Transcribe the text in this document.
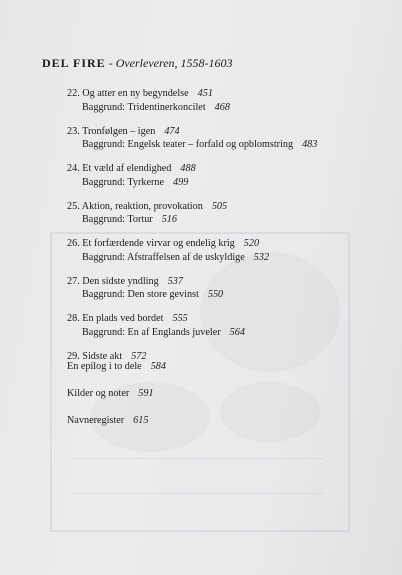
DEL FIRE - Overleveren, 1558-1603
22. Og atter en ny begyndelse 451
Baggrund: Tridentinerkoncilet 468
23. Tronfølgen – igen 474
Baggrund: Engelsk teater – forfald og opblomstring 483
24. Et væld af elendighed 488
Baggrund: Tyrkerne 499
25. Aktion, reaktion, provokation 505
Baggrund: Tortur 516
26. Et forfærdende virvar og endelig krig 520
Baggrund: Afstraffelsen af de uskyldige 532
27. Den sidste yndling 537
Baggrund: Den store gevinst 550
28. En plads ved bordet 555
Baggrund: En af Englands juveler 564
29. Sidste akt 572
En epilog i to dele 584
Kilder og noter 591
Navneregister 615
